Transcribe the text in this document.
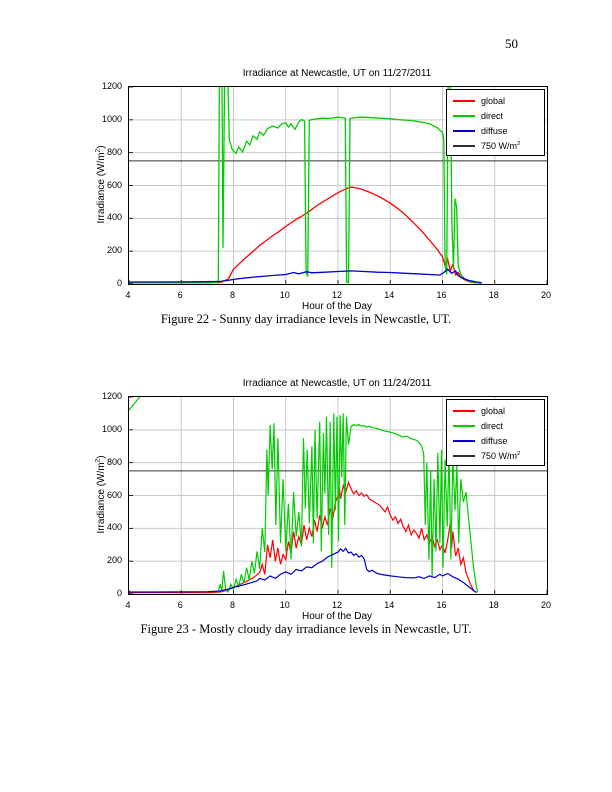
50
Irradiance at Newcastle, UT on 11/27/2011
Irradiance $(W/m^2)$
0
200
400
600
800
1000
1200
4	6	8	10	12	14	16	18	20
global
direct
diffuse
750 $W/m^2$
Hour of the Day
Figure 22 - Sunny day irradiance levels in Newcastle, UT.
Irradiance at Newcastle, UT on 11/24/2011
Irradiance $(W/m^2)$
0
200
400
600
800
1000
1200
4	6	8	10	12	14	16	18	20
global
direct
diffuse
750 $W/m^2$
Hour of the Day
Figure 23 - Mostly cloudy day irradiance levels in Newcastle, UT.
